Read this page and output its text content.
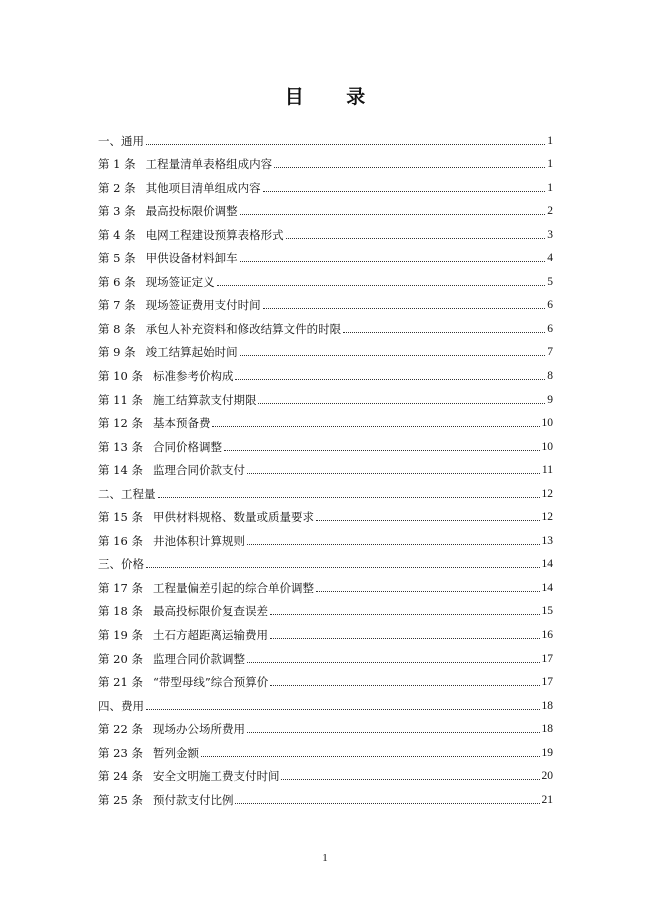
目 录
一、通用	1
第 1 条 工程量清单表格组成内容	1
第 2 条 其他项目清单组成内容	1
第 3 条 最高投标限价调整	2
第 4 条 电网工程建设预算表格形式	3
第 5 条 甲供设备材料卸车	4
第 6 条 现场签证定义	5
第 7 条 现场签证费用支付时间	6
第 8 条 承包人补充资料和修改结算文件的时限	6
第 9 条 竣工结算起始时间	7
第 10 条 标准参考价构成	8
第 11 条 施工结算款支付期限	9
第 12 条 基本预备费	10
第 13 条 合同价格调整	10
第 14 条 监理合同价款支付	11
二、工程量	12
第 15 条 甲供材料规格、数量或质量要求	12
第 16 条 井池体积计算规则	13
三、价格	14
第 17 条 工程量偏差引起的综合单价调整	14
第 18 条 最高投标限价复查误差	15
第 19 条 土石方超距离运输费用	16
第 20 条 监理合同价款调整	17
第 21 条 “带型母线”综合预算价	17
四、费用	18
第 22 条 现场办公场所费用	18
第 23 条 暂列金额	19
第 24 条 安全文明施工费支付时间	20
第 25 条 预付款支付比例	21
1
